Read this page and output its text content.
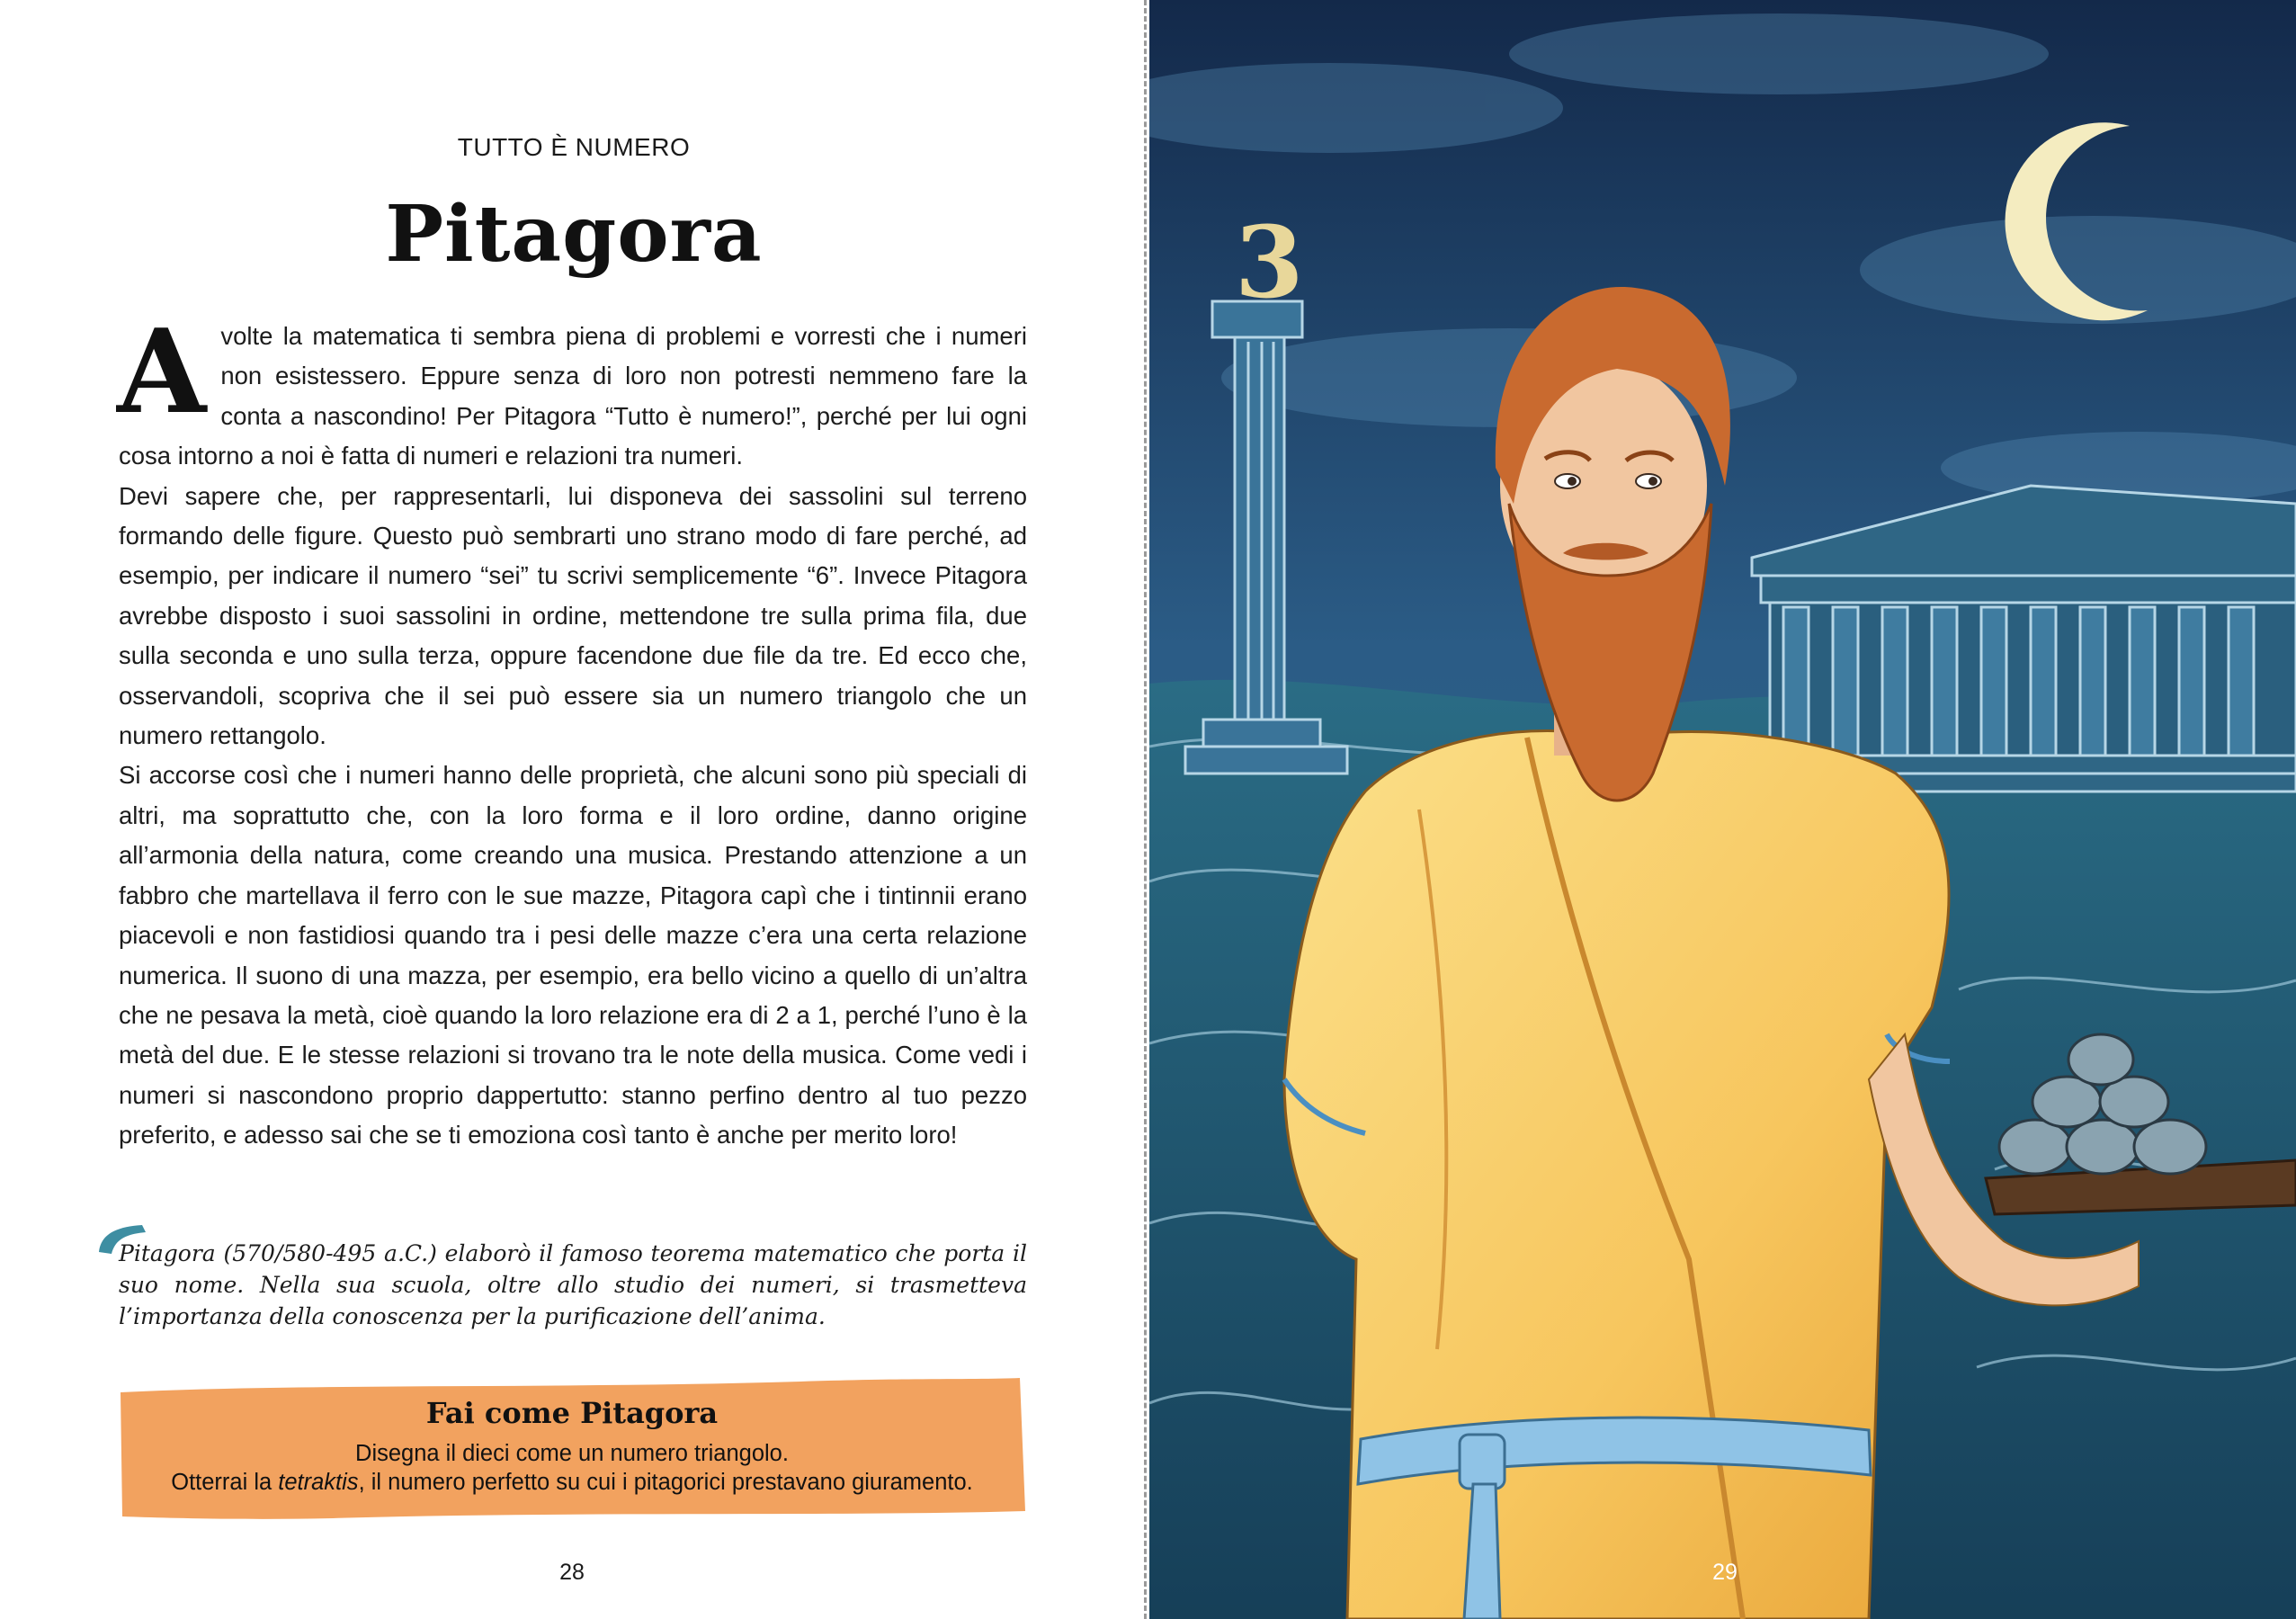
TUTTO È NUMERO
Pitagora

Avolte la matematica ti sembra piena di problemi e vorresti che i numeri non esistessero. Eppure senza di loro non potresti nemmeno fare la conta a nascondino! Per Pitagora “Tutto è numero!”, perché per lui ogni cosa intorno a noi è fatta di numeri e relazioni tra numeri.

Devi sapere che, per rappresentarli, lui disponeva dei sassolini sul terreno formando delle figure. Questo può sembrarti uno strano modo di fare perché, ad esempio, per indicare il numero “sei” tu scrivi semplicemente “6”. Invece Pitagora avrebbe disposto i suoi sassolini in ordine, mettendone tre sulla prima fila, due sulla seconda e uno sulla terza, oppure facendone due file da tre. Ed ecco che, osservandoli, scopriva che il sei può essere sia un numero triangolo che un numero rettangolo.

Si accorse così che i numeri hanno delle proprietà, che alcuni sono più speciali di altri, ma soprattutto che, con la loro forma e il loro ordine, danno origine all’armonia della natura, come creando una musica. Prestando attenzione a un fabbro che martellava il ferro con le sue mazze, Pitagora capì che i tintinnii erano piacevoli e non fastidiosi quando tra i pesi delle mazze c’era una certa relazione numerica. Il suono di una mazza, per esempio, era bello vicino a quello di un’altra che ne pesava la metà, cioè quando la loro relazione era di 2 a 1, perché l’uno è la metà del due. E le stesse relazioni si trovano tra le note della musica. Come vedi i numeri si nascondono proprio dappertutto: stanno perfino dentro al tuo pezzo preferito, e adesso sai che se ti emoziona così tanto è anche per merito loro!

Pitagora (570/580-495 a.C.) elaborò il famoso teorema matematico che porta il suo nome. Nella sua scuola, oltre allo studio dei numeri, si trasmetteva l’importanza della conoscenza per la purificazione dell’anima.
Fai come Pitagora
Disegna il dieci come un numero triangolo.
Otterrai la tetraktis, il numero perfetto su cui i pitagorici prestavano giuramento.
28
3
29
